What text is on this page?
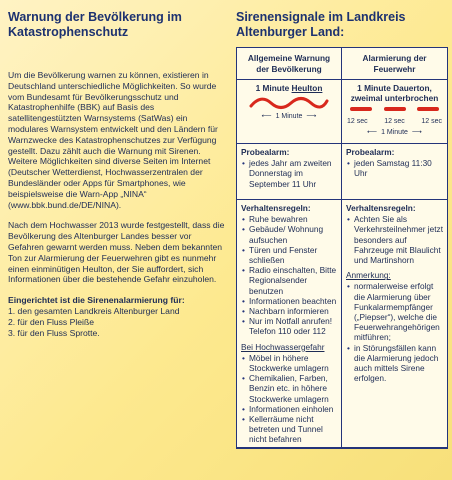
Warnung der Bevölkerung im Katastrophenschutz

Um die Bevölkerung warnen zu können, existieren in Deutschland unterschiedliche Möglichkeiten. So wurde vom Bundesamt für Bevölkerungsschutz und Katastrophenhilfe (BBK) auf Basis des satellitengestützten Warnsystems (SatWas) ein modulares Warnsystem entwickelt und den Ländern für Warnzwecke des Katastrophenschutzes zur Verfügung gestellt. Dazu zählt auch die Warnung mit Sirenen. Weitere Möglichkeiten sind diverse Seiten im Internet (Deutscher Wetterdienst, Hochwasserzentralen der Bundesländer oder Apps für Smartphones, wie beispielsweise die Warn-App „NINA“ (www.bbk.bund.de/DE/NINA).

Nach dem Hochwasser 2013 wurde festgestellt, dass die Bevölkerung des Altenburger Landes besser vor Gefahren gewarnt werden muss. Neben dem bekannten Ton zur Alarmierung der Feuerwehren gibt es nunmehr einen einminütigen Heulton, der Sie auffordert, sich Informationen über die bestehende Gefahr einzuholen.

Eingerichtet ist die Sirenenalarmierung für:
1. den gesamten Landkreis Altenburger Land
2. für den Fluss Pleiße
3. für den Fluss Sprotte.
Sirenensignale im Landkreis Altenburger Land:
Allgemeine Warnung der Bevölkerung
Alarmierung der Feuerwehr
1 Minute Heulton
⟵ 1 Minute ⟶
1 Minute Dauerton, zweimal unterbrochen
12 sec 12 sec 12 sec
⟵ 1 Minute ⟶
Probealarm:
• jedes Jahr am zweiten Donnerstag im September 11 Uhr
Probealarm:
• jeden Samstag 11:30 Uhr
Verhaltensregeln:
• Ruhe bewahren
• Gebäude/ Wohnung aufsuchen
• Türen und Fenster schließen
• Radio einschalten, Bitte Regionalsender benutzen
• Informationen beachten
• Nachbarn informieren
• Nur im Notfall anrufen! Telefon 110 oder 112
Bei Hochwassergefahr
• Möbel in höhere Stockwerke umlagern
• Chemikalien, Farben, Benzin etc. in höhere Stockwerke umlagern
• Informationen einholen
• Kellerräume nicht betreten und Tunnel nicht befahren
Verhaltensregeln:
• Achten Sie als Verkehrsteilnehmer jetzt besonders auf Fahrzeuge mit Blaulicht und Martinshorn
Anmerkung:
• normalerweise erfolgt die Alarmierung über Funkalarmempfänger („Piepser“), welche die Feuerwehrangehörigen mitführen;
• in Störungsfällen kann die Alarmierung jedoch auch mittels Sirene erfolgen.
